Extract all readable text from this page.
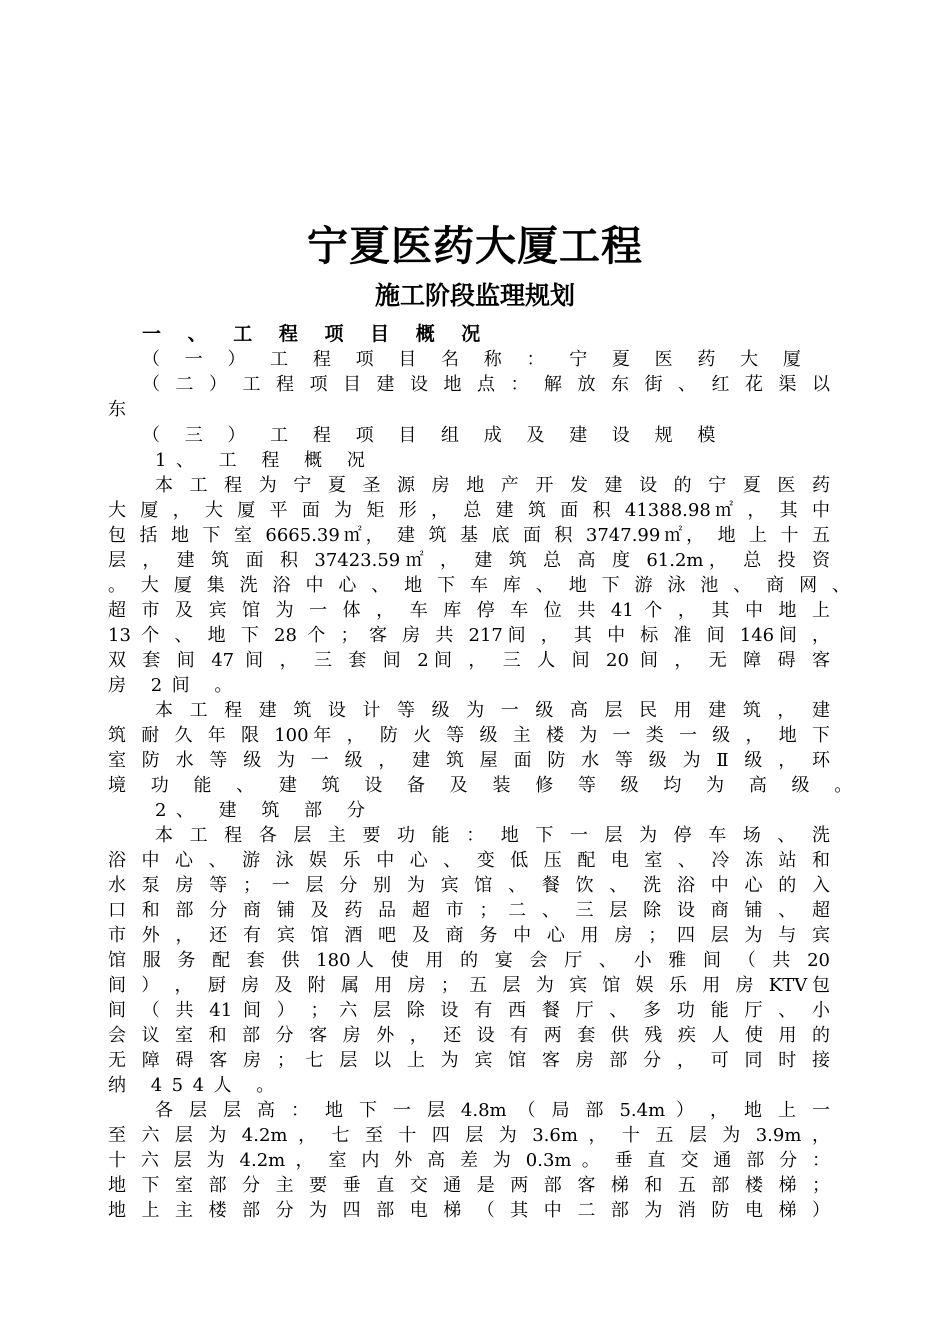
宁夏医药大厦工程
施工阶段监理规划
一 、 工 程 项 目 概 况
（ 一 ） 工 程 项 目 名 称 ： 宁 夏 医 药 大 厦
（ 二 ） 工 程 项 目 建 设 地 点 ： 解 放 东 街 、 红 花 渠 以
东
（ 三 ） 工 程 项 目 组 成 及 建 设 规 模
1、 工 程 概 况
本 工 程 为 宁 夏 圣 源 房 地 产 开 发 建 设 的 宁 夏 医 药
大 厦 ， 大 厦 平 面 为 矩 形 ， 总 建 筑 面 积 41388.98㎡ ， 其 中
包 括 地 下 室 6665.39㎡， 建 筑 基 底 面 积 3747.99㎡， 地 上 十 五
层 ， 建 筑 面 积 37423.59㎡ ， 建 筑 总 高 度 61.2m， 总 投 资
。 大 厦 集 洗 浴 中 心 、 地 下 车 库 、 地 下 游 泳 池 、 商 网 、
超 市 及 宾 馆 为 一 体 ， 车 库 停 车 位 共 41 个 ， 其 中 地 上
13 个 、 地 下 28 个 ； 客 房 共 217间 ， 其 中 标 准 间 146间 ，
双 套 间 47 间 ， 三 套 间 2间 ， 三 人 间 20 间 ， 无 障 碍 客
房 2间 。
本 工 程 建 筑 设 计 等 级 为 一 级 高 层 民 用 建 筑 ， 建
筑 耐 久 年 限 100年 ， 防 火 等 级 主 楼 为 一 类 一 级 ， 地 下
室 防 水 等 级 为 一 级 ， 建 筑 屋 面 防 水 等 级 为 Ⅱ 级 ， 环
境 功 能 、 建 筑 设 备 及 装 修 等 级 均 为 高 级 。
2、 建 筑 部 分
本 工 程 各 层 主 要 功 能 ： 地 下 一 层 为 停 车 场 、 洗
浴 中 心 、 游 泳 娱 乐 中 心 、 变 低 压 配 电 室 、 冷 冻 站 和
水 泵 房 等 ； 一 层 分 别 为 宾 馆 、 餐 饮 、 洗 浴 中 心 的 入
口 和 部 分 商 铺 及 药 品 超 市 ； 二 、 三 层 除 设 商 铺 、 超
市 外 ， 还 有 宾 馆 酒 吧 及 商 务 中 心 用 房 ； 四 层 为 与 宾
馆 服 务 配 套 供 180人 使 用 的 宴 会 厅 、 小 雅 间 （ 共 20
间 ） ， 厨 房 及 附 属 用 房 ； 五 层 为 宾 馆 娱 乐 用 房 KTV包
间 （ 共 41 间 ） ； 六 层 除 设 有 西 餐 厅 、 多 功 能 厅 、 小
会 议 室 和 部 分 客 房 外 ， 还 设 有 两 套 供 残 疾 人 使 用 的
无 障 碍 客 房 ； 七 层 以 上 为 宾 馆 客 房 部 分 ， 可 同 时 接
纳 454人 。
各 层 层 高 ： 地 下 一 层 4.8m （ 局 部 5.4m ） ， 地 上 一
至 六 层 为 4.2m ， 七 至 十 四 层 为 3.6m ， 十 五 层 为 3.9m ，
十 六 层 为 4.2m ， 室 内 外 高 差 为 0.3m 。 垂 直 交 通 部 分 ：
地 下 室 部 分 主 要 垂 直 交 通 是 两 部 客 梯 和 五 部 楼 梯 ；
地 上 主 楼 部 分 为 四 部 电 梯 （ 其 中 二 部 为 消 防 电 梯 ）
